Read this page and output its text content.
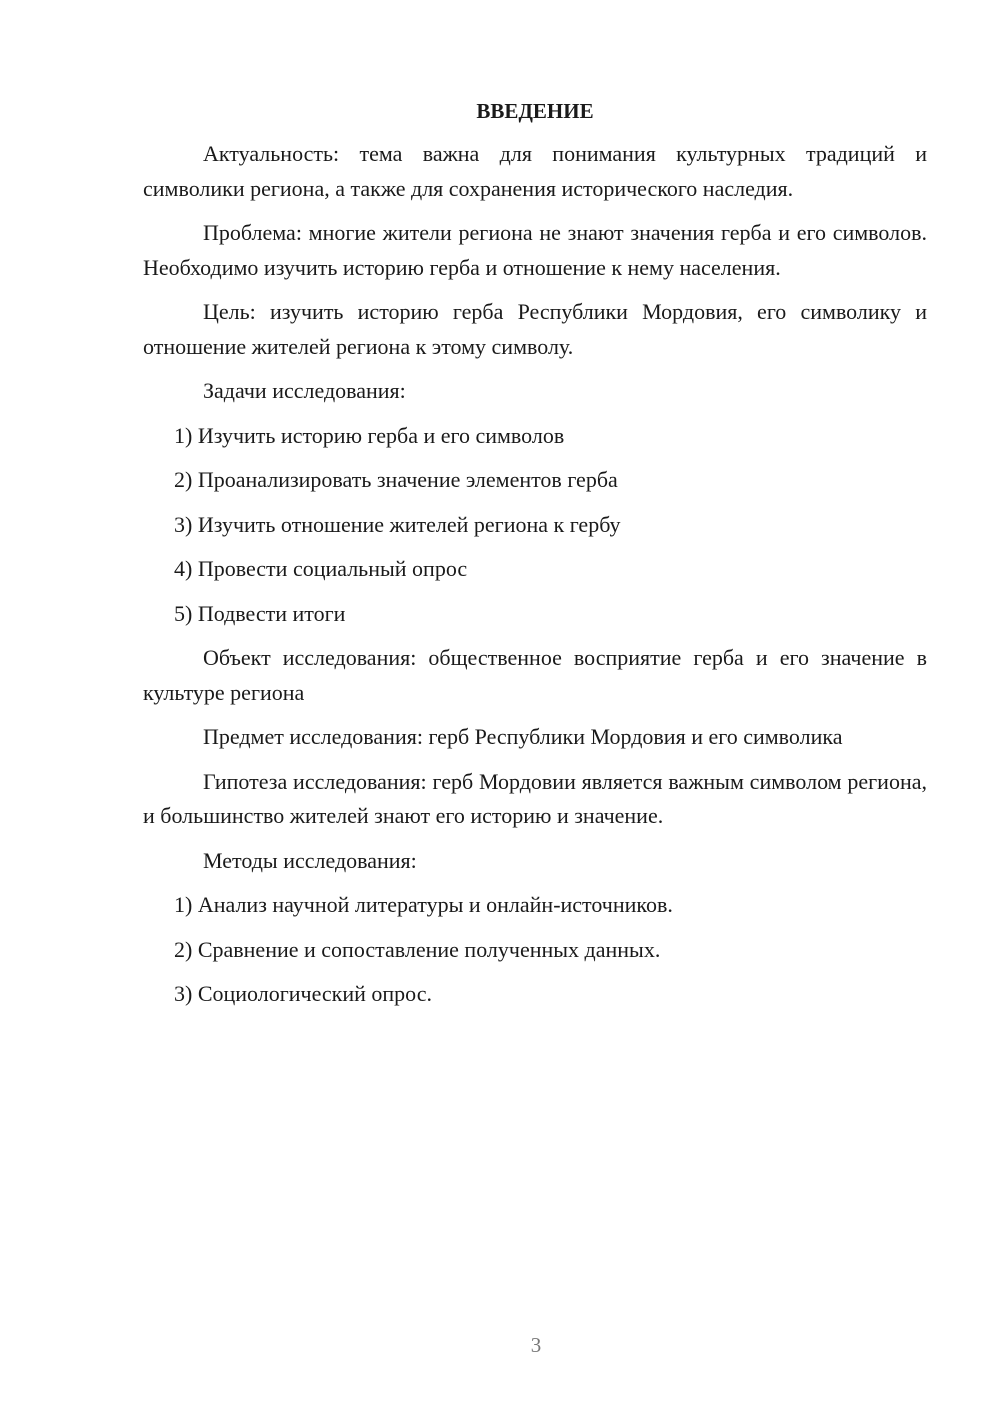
ВВЕДЕНИЕ

Актуальность: тема важна для понимания культурных традиций и символики региона, а также для сохранения исторического наследия.

Проблема: многие жители региона не знают значения герба и его символов. Необходимо изучить историю герба и отношение к нему населения.

Цель: изучить историю герба Республики Мордовия, его символику и отношение жителей региона к этому символу.

Задачи исследования:
1) Изучить историю герба и его символов
2) Проанализировать значение элементов герба
3) Изучить отношение жителей региона к гербу
4) Провести социальный опрос
5) Подвести итоги

Объект исследования: общественное восприятие герба и его значение в культуре региона

Предмет исследования: герб Республики Мордовия и его символика

Гипотеза исследования: герб Мордовии является важным символом региона, и большинство жителей знают его историю и значение.

Методы исследования:
1) Анализ научной литературы и онлайн-источников.
2) Сравнение и сопоставление полученных данных.
3) Социологический опрос.
3
